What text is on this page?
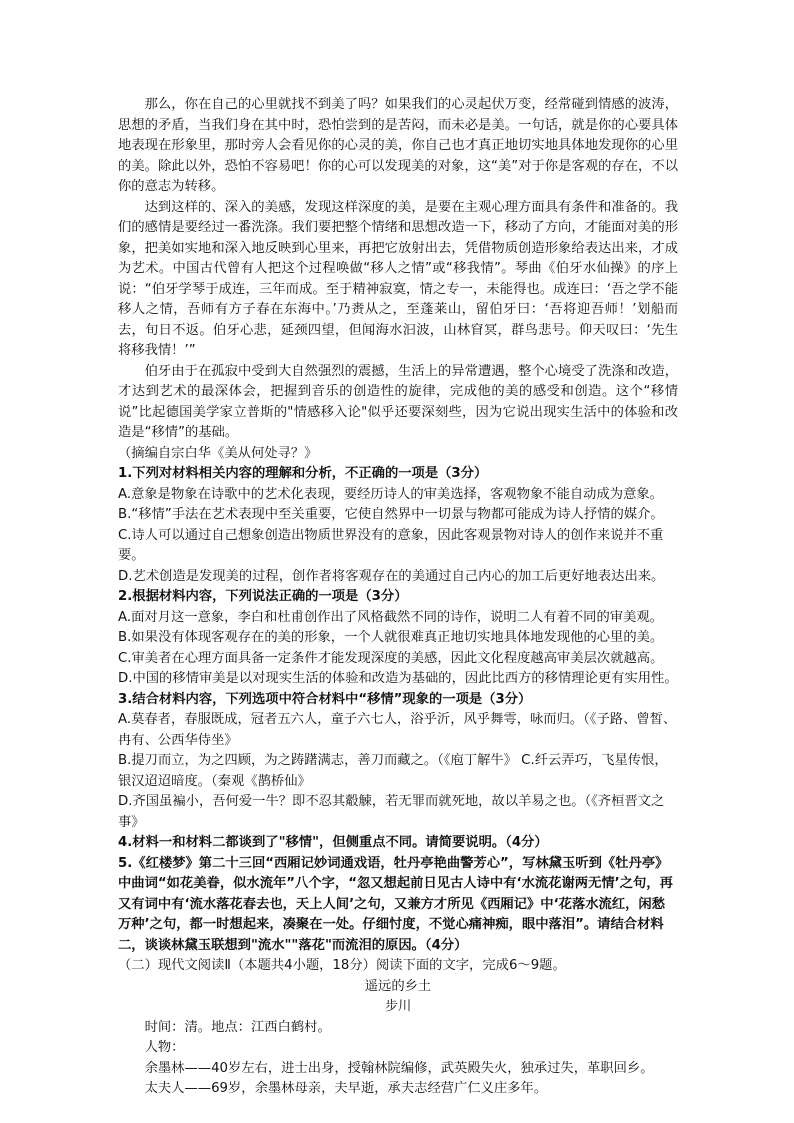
那么，你在自己的心里就找不到美了吗？如果我们的心灵起伏万变，经常碰到情感的波涛，思想的矛盾，当我们身在其中时，恐怕尝到的是苦闷，而未必是美。一句话，就是你的心要具体地表现在形象里，那时旁人会看见你的心灵的美，你自己也才真正地切实地具体地发现你的心里的美。除此以外，恐怕不容易吧！你的心可以发现美的对象，这“美”对于你是客观的存在，不以你的意志为转移。

达到这样的、深入的美感，发现这样深度的美，是要在主观心理方面具有条件和准备的。我们的感情是要经过一番洗涤。我们要把整个情绪和思想改造一下，移动了方向，才能面对美的形象，把美如实地和深入地反映到心里来，再把它放射出去，凭借物质创造形象给表达出来，才成为艺术。中国古代曾有人把这个过程唤做“移人之情”或“移我情”。琴曲《伯牙水仙操》的序上说：“伯牙学琴于成连，三年而成。至于精神寂寞，情之专一，未能得也。成连曰：‘吾之学不能移人之情，吾师有方子春在东海中。’乃赉从之，至蓬莱山，留伯牙曰：‘吾将迎吾师！’划船而去，旬日不返。伯牙心悲，延颈四望，但闻海水汩波，山林窅冥，群鸟悲号。仰天叹曰：‘先生将移我情！’”

伯牙由于在孤寂中受到大自然强烈的震撼，生活上的异常遭遇，整个心境受了洗涤和改造，才达到艺术的最深体会，把握到音乐的创造性的旋律，完成他的美的感受和创造。这个“移情说”比起德国美学家立普斯的"情感移入论"似乎还要深刻些，因为它说出现实生活中的体验和改造是“移情”的基础。

（摘编自宗白华《美从何处寻？》

1.下列对材料相关内容的理解和分析，不正确的一项是（3分）

A.意象是物象在诗歌中的艺术化表现，要经历诗人的审美选择，客观物象不能自动成为意象。

B.“移情”手法在艺术表现中至关重要，它使自然界中一切景与物都可能成为诗人抒情的媒介。

C.诗人可以通过自己想象创造出物质世界没有的意象，因此客观景物对诗人的创作来说并不重要。

D.艺术创造是发现美的过程，创作者将客观存在的美通过自己内心的加工后更好地表达出来。

2.根据材料内容，下列说法正确的一项是（3分）

A.面对月这一意象，李白和杜甫创作出了风格截然不同的诗作，说明二人有着不同的审美观。

B.如果没有体现客观存在的美的形象，一个人就很难真正地切实地具体地发现他的心里的美。

C.审美者在心理方面具备一定条件才能发现深度的美感，因此文化程度越高审美层次就越高。

D.中国的移情审美是以对现实生活的体验和改造为基础的，因此比西方的移情理论更有实用性。

3.结合材料内容，下列选项中符合材料中“移情”现象的一项是（3分）

A.莫春者，春服既成，冠者五六人，童子六七人，浴乎沂，风乎舞雩，咏而归。（《子路、曾皙、冉有、公西华侍坐》

B.提刀而立，为之四顾，为之踌躇满志，善刀而藏之。（《庖丁解牛》 C.纤云弄巧，飞星传恨，银汉迢迢暗度。（秦观《鹊桥仙》

D.齐国虽褊小，吾何爱一牛？即不忍其觳觫，若无罪而就死地，故以羊易之也。（《齐桓晋文之事》

4.材料一和材料二都谈到了"移情"，但侧重点不同。请简要说明。（4分）

5.《红楼梦》第二十三回“西厢记妙词通戏语，牡丹亭艳曲警芳心”，写林黛玉听到《牡丹亭》中曲词“如花美眷，似水流年”八个字，“忽又想起前日见古人诗中有‘水流花谢两无情’之句，再又有词中有‘流水落花春去也，天上人间’之句，又兼方才所见《西厢记》中‘花落水流红，闲愁万种’之句，都一时想起来，凑聚在一处。仔细忖度，不觉心痛神痴，眼中落泪”。请结合材料二，谈谈林黛玉联想到"流水""落花"而流泪的原因。（4分）

（二）现代文阅读Ⅱ（本题共4小题，18分）阅读下面的文字，完成6～9题。

遥远的乡土

步川

时间：清。地点：江西白鹤村。

人物：

余墨林——40岁左右，进士出身，授翰林院编修，武英殿失火，独承过失，革职回乡。

太夫人——69岁，余墨林母亲，夫早逝，承夫志经营广仁义庄多年。
